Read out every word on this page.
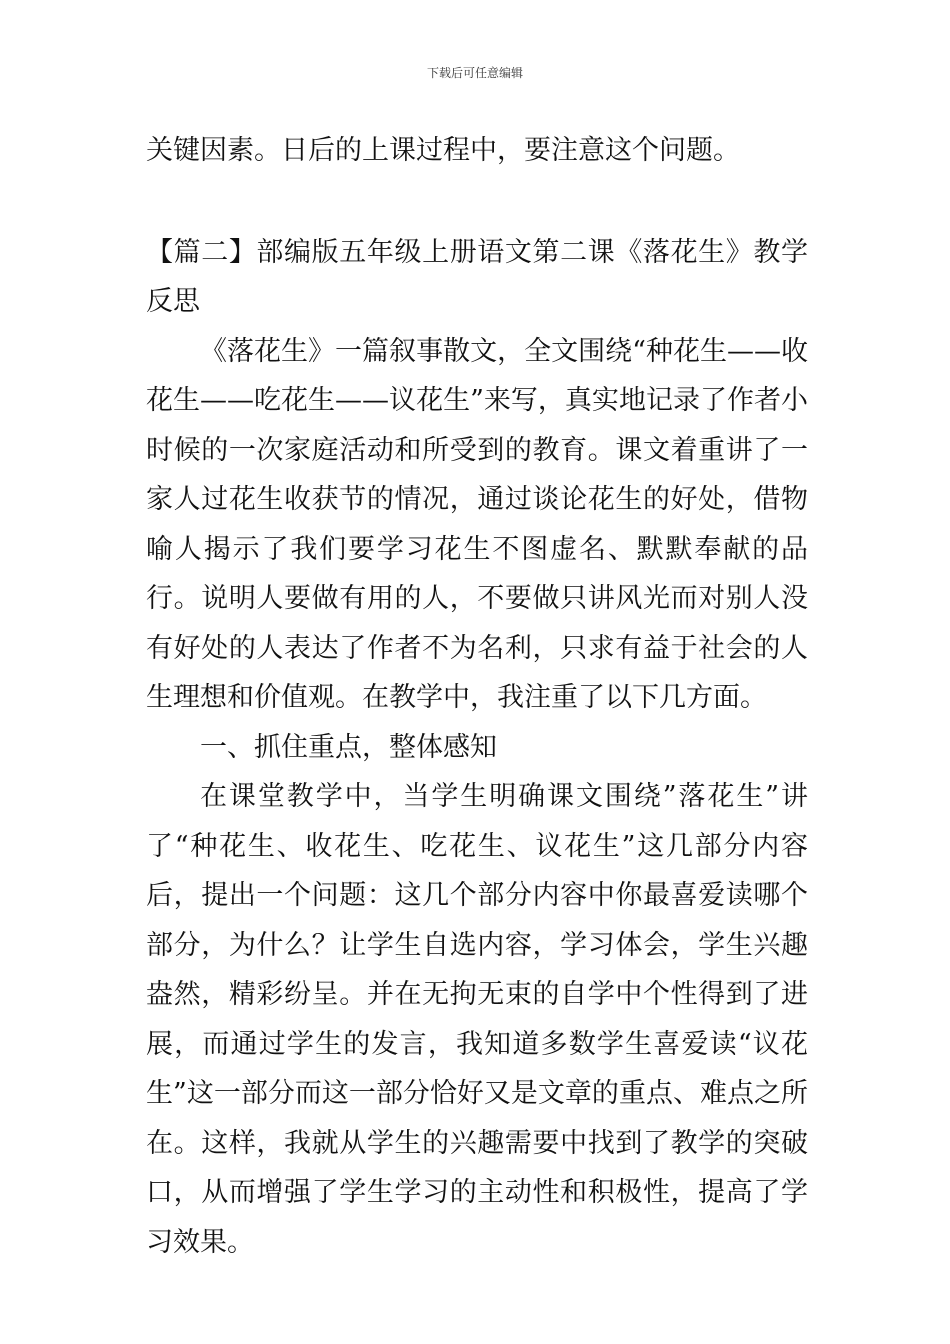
下载后可任意编辑

关键因素。日后的上课过程中，要注意这个问题。

【篇二】部编版五年级上册语文第二课《落花生》教学反思

《落花生》一篇叙事散文，全文围绕“种花生——收花生——吃花生——议花生”来写，真实地记录了作者小时候的一次家庭活动和所受到的教育。课文着重讲了一家人过花生收获节的情况，通过谈论花生的好处，借物喻人揭示了我们要学习花生不图虚名、默默奉献的品行。说明人要做有用的人，不要做只讲风光而对别人没有好处的人表达了作者不为名利，只求有益于社会的人生理想和价值观。在教学中，我注重了以下几方面。

一、抓住重点，整体感知

在课堂教学中，当学生明确课文围绕”落花生”讲了“种花生、收花生、吃花生、议花生”这几部分内容后，提出一个问题：这几个部分内容中你最喜爱读哪个部分，为什么？让学生自选内容，学习体会，学生兴趣盎然，精彩纷呈。并在无拘无束的自学中个性得到了进展，而通过学生的发言，我知道多数学生喜爱读“议花生”这一部分而这一部分恰好又是文章的重点、难点之所在。这样，我就从学生的兴趣需要中找到了教学的突破口，从而增强了学生学习的主动性和积极性，提高了学习效果。
